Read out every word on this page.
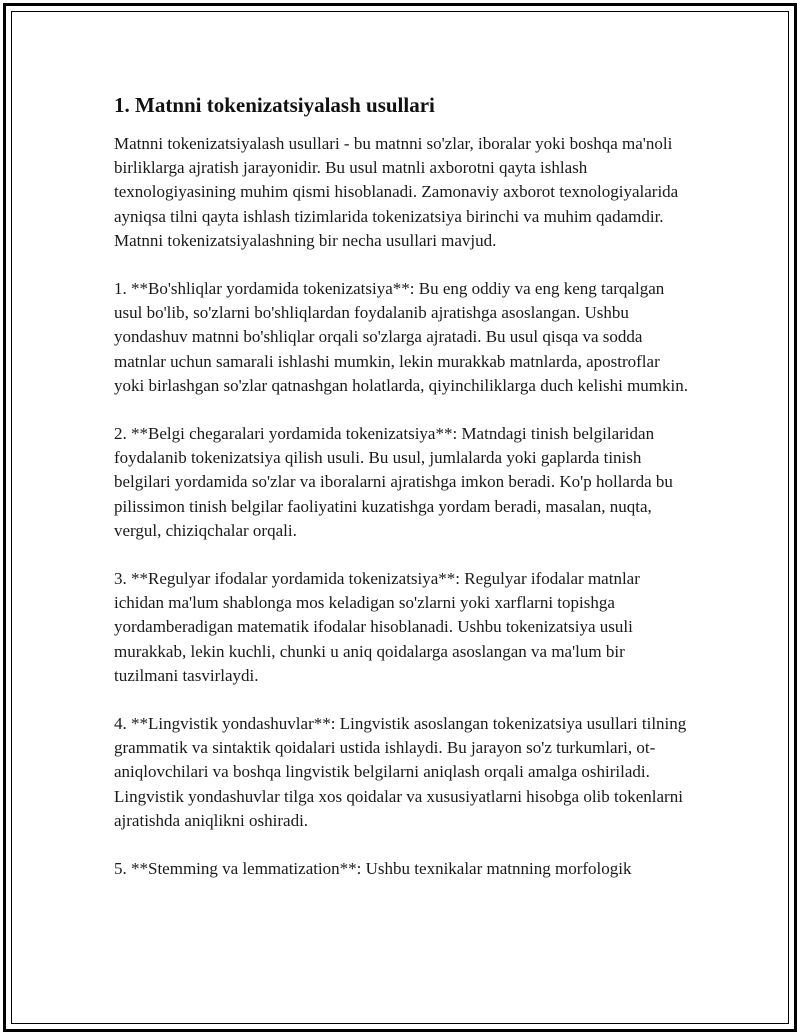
1. Matnni tokenizatsiyalash usullari

Matnni tokenizatsiyalash usullari - bu matnni so'zlar, iboralar yoki boshqa ma'noli birliklarga ajratish jarayonidir. Bu usul matnli axborotni qayta ishlash texnologiyasining muhim qismi hisoblanadi. Zamonaviy axborot texnologiyalarida ayniqsa tilni qayta ishlash tizimlarida tokenizatsiya birinchi va muhim qadamdir. Matnni tokenizatsiyalashning bir necha usullari mavjud.

1. **Bo'shliqlar yordamida tokenizatsiya**: Bu eng oddiy va eng keng tarqalgan usul bo'lib, so'zlarni bo'shliqlardan foydalanib ajratishga asoslangan. Ushbu yondashuv matnni bo'shliqlar orqali so'zlarga ajratadi. Bu usul qisqa va sodda matnlar uchun samarali ishlashi mumkin, lekin murakkab matnlarda, apostroflar yoki birlashgan so'zlar qatnashgan holatlarda, qiyinchiliklarga duch kelishi mumkin.

2. **Belgi chegaralari yordamida tokenizatsiya**: Matndagi tinish belgilaridan foydalanib tokenizatsiya qilish usuli. Bu usul, jumlalarda yoki gaplarda tinish belgilari yordamida so'zlar va iboralarni ajratishga imkon beradi. Ko'p hollarda bu pilissimon tinish belgilar faoliyatini kuzatishga yordam beradi, masalan, nuqta, vergul, chiziqchalar orqali.

3. **Regulyar ifodalar yordamida tokenizatsiya**: Regulyar ifodalar matnlar ichidan ma'lum shablonga mos keladigan so'zlarni yoki xarflarni topishga yordamberadigan matematik ifodalar hisoblanadi. Ushbu tokenizatsiya usuli murakkab, lekin kuchli, chunki u aniq qoidalarga asoslangan va ma'lum bir tuzilmani tasvirlaydi.

4. **Lingvistik yondashuvlar**: Lingvistik asoslangan tokenizatsiya usullari tilning grammatik va sintaktik qoidalari ustida ishlaydi. Bu jarayon so'z turkumlari, ot-aniqlovchilari va boshqa lingvistik belgilarni aniqlash orqali amalga oshiriladi. Lingvistik yondashuvlar tilga xos qoidalar va xususiyatlarni hisobga olib tokenlarni ajratishda aniqlikni oshiradi.

5. **Stemming va lemmatization**: Ushbu texnikalar matnning morfologik
